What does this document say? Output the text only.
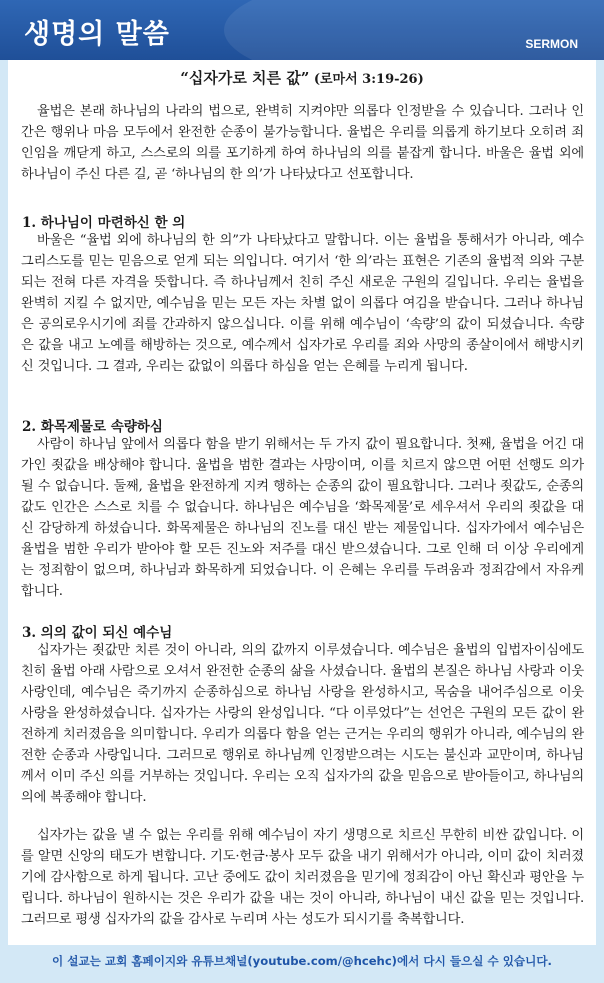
생명의 말씀	SERMON
“십자가로 치른 값” (로마서 3:19-26)

율법은 본래 하나님의 나라의 법으로, 완벽히 지켜야만 의롭다 인정받을 수 있습니다. 그러나 인간은 행위나 마음 모두에서 완전한 순종이 불가능합니다. 율법은 우리를 의롭게 하기보다 오히려 죄인임을 깨닫게 하고, 스스로의 의를 포기하게 하여 하나님의 의를 붙잡게 합니다. 바울은 율법 외에 하나님이 주신 다른 길, 곧 ‘하나님의 한 의’가 나타났다고 선포합니다.

1. 하나님이 마련하신 한 의

바울은 “율법 외에 하나님의 한 의”가 나타났다고 말합니다. 이는 율법을 통해서가 아니라, 예수 그리스도를 믿는 믿음으로 얻게 되는 의입니다. 여기서 ‘한 의’라는 표현은 기존의 율법적 의와 구분되는 전혀 다른 자격을 뜻합니다. 즉 하나님께서 친히 주신 새로운 구원의 길입니다. 우리는 율법을 완벽히 지킬 수 없지만, 예수님을 믿는 모든 자는 차별 없이 의롭다 여김을 받습니다. 그러나 하나님은 공의로우시기에 죄를 간과하지 않으십니다. 이를 위해 예수님이 ‘속량’의 값이 되셨습니다. 속량은 값을 내고 노예를 해방하는 것으로, 예수께서 십자가로 우리를 죄와 사망의 종살이에서 해방시키신 것입니다. 그 결과, 우리는 값없이 의롭다 하심을 얻는 은혜를 누리게 됩니다.

2. 화목제물로 속량하심

사람이 하나님 앞에서 의롭다 함을 받기 위해서는 두 가지 값이 필요합니다. 첫째, 율법을 어긴 대가인 죗값을 배상해야 합니다. 율법을 범한 결과는 사망이며, 이를 치르지 않으면 어떤 선행도 의가 될 수 없습니다. 둘째, 율법을 완전하게 지켜 행하는 순종의 값이 필요합니다. 그러나 죗값도, 순종의 값도 인간은 스스로 치를 수 없습니다. 하나님은 예수님을 ‘화목제물’로 세우셔서 우리의 죗값을 대신 감당하게 하셨습니다. 화목제물은 하나님의 진노를 대신 받는 제물입니다. 십자가에서 예수님은 율법을 범한 우리가 받아야 할 모든 진노와 저주를 대신 받으셨습니다. 그로 인해 더 이상 우리에게는 정죄함이 없으며, 하나님과 화목하게 되었습니다. 이 은혜는 우리를 두려움과 정죄감에서 자유케 합니다.

3. 의의 값이 되신 예수님

십자가는 죗값만 치른 것이 아니라, 의의 값까지 이루셨습니다. 예수님은 율법의 입법자이심에도 친히 율법 아래 사람으로 오셔서 완전한 순종의 삶을 사셨습니다. 율법의 본질은 하나님 사랑과 이웃 사랑인데, 예수님은 죽기까지 순종하심으로 하나님 사랑을 완성하시고, 목숨을 내어주심으로 이웃 사랑을 완성하셨습니다. 십자가는 사랑의 완성입니다. “다 이루었다”는 선언은 구원의 모든 값이 완전하게 치러졌음을 의미합니다. 우리가 의롭다 함을 얻는 근거는 우리의 행위가 아니라, 예수님의 완전한 순종과 사랑입니다. 그러므로 행위로 하나님께 인정받으려는 시도는 불신과 교만이며, 하나님께서 이미 주신 의를 거부하는 것입니다. 우리는 오직 십자가의 값을 믿음으로 받아들이고, 하나님의 의에 복종해야 합니다.

십자가는 값을 낼 수 없는 우리를 위해 예수님이 자기 생명으로 치르신 무한히 비싼 값입니다. 이를 알면 신앙의 태도가 변합니다. 기도·헌금·봉사 모두 값을 내기 위해서가 아니라, 이미 값이 치러졌기에 감사함으로 하게 됩니다. 고난 중에도 값이 치러졌음을 믿기에 정죄감이 아닌 확신과 평안을 누립니다. 하나님이 원하시는 것은 우리가 값을 내는 것이 아니라, 하나님이 내신 값을 믿는 것입니다. 그러므로 평생 십자가의 값을 감사로 누리며 사는 성도가 되시기를 축복합니다.

이 설교는 교회 홈페이지와 유튜브채널(youtube.com/@hcehc)에서 다시 들으실 수 있습니다.
